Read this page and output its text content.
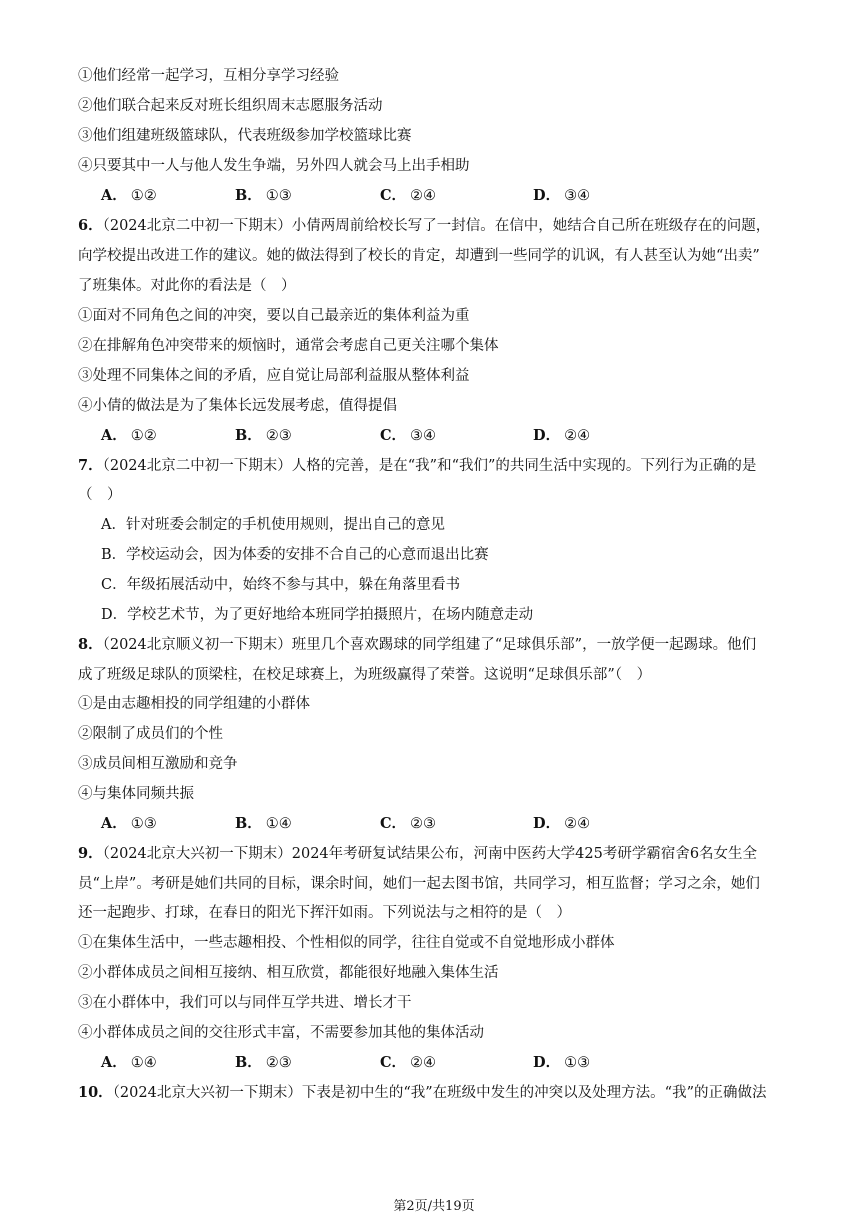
①他们经常一起学习，互相分享学习经验
②他们联合起来反对班长组织周末志愿服务活动
③他们组建班级篮球队，代表班级参加学校篮球比赛
④只要其中一人与他人发生争端，另外四人就会马上出手相助
A． ①②	B． ①③	C． ②④	D． ③④
6．（2024北京二中初一下期末）小倩两周前给校长写了一封信。在信中，她结合自己所在班级存在的问题，
向学校提出改进工作的建议。她的做法得到了校长的肯定，却遭到一些同学的讥讽，有人甚至认为她“出卖”
了班集体。对此你的看法是（　）
①面对不同角色之间的冲突，要以自己最亲近的集体利益为重
②在排解角色冲突带来的烦恼时，通常会考虑自己更关注哪个集体
③处理不同集体之间的矛盾，应自觉让局部利益服从整体利益
④小倩的做法是为了集体长远发展考虑，值得提倡
A． ①②	B． ②③	C． ③④	D． ②④
7．（2024北京二中初一下期末）人格的完善，是在“我”和“我们”的共同生活中实现的。下列行为正确的是
（　）
A．针对班委会制定的手机使用规则，提出自己的意见
B．学校运动会，因为体委的安排不合自己的心意而退出比赛
C．年级拓展活动中，始终不参与其中，躲在角落里看书
D．学校艺术节，为了更好地给本班同学拍摄照片，在场内随意走动
8．（2024北京顺义初一下期末）班里几个喜欢踢球的同学组建了“足球俱乐部”，一放学便一起踢球。他们
成了班级足球队的顶梁柱，在校足球赛上，为班级赢得了荣誉。这说明“足球俱乐部”（　）
①是由志趣相投的同学组建的小群体
②限制了成员们的个性
③成员间相互激励和竞争
④与集体同频共振
A． ①③	B． ①④	C． ②③	D． ②④
9．（2024北京大兴初一下期末）2024年考研复试结果公布，河南中医药大学425考研学霸宿舍6名女生全
员“上岸”。考研是她们共同的目标，课余时间，她们一起去图书馆，共同学习，相互监督；学习之余，她们
还一起跑步、打球，在春日的阳光下挥汗如雨。下列说法与之相符的是（　）
①在集体生活中，一些志趣相投、个性相似的同学，往往自觉或不自觉地形成小群体
②小群体成员之间相互接纳、相互欣赏，都能很好地融入集体生活
③在小群体中，我们可以与同伴互学共进、增长才干
④小群体成员之间的交往形式丰富，不需要参加其他的集体活动
A． ①④	B． ②③	C． ②④	D． ①③
10．（2024北京大兴初一下期末）下表是初中生的“我”在班级中发生的冲突以及处理方法。“我”的正确做法
第2页/共19页
